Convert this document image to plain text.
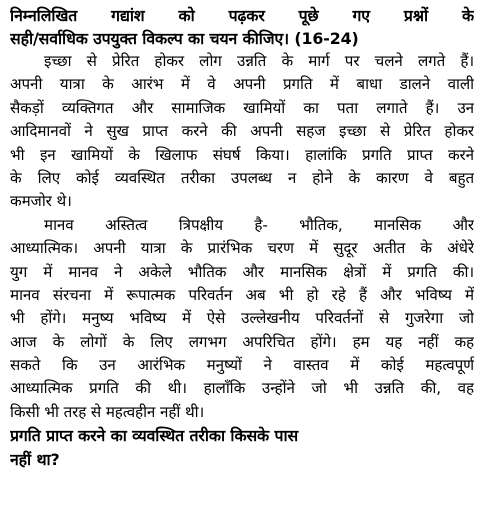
निम्नलिखित गद्यांश को पढ़कर पूछे गए प्रश्नों के
सही/सर्वाधिक उपयुक्त विकल्प का चयन कीजिए। (16-24)
इच्छा से प्रेरित होकर लोग उन्नति के मार्ग पर चलने लगते हैं।
अपनी यात्रा के आरंभ में वे अपनी प्रगति में बाधा डालने वाली
सैकड़ों व्यक्तिगत और सामाजिक खामियों का पता लगाते हैं। उन
आदिमानवों ने सुख प्राप्त करने की अपनी सहज इच्छा से प्रेरित होकर
भी इन खामियों के खिलाफ संघर्ष किया। हालांकि प्रगति प्राप्त करने
के लिए कोई व्यवस्थित तरीका उपलब्ध न होने के कारण वे बहुत
कमजोर थे।
मानव अस्तित्व त्रिपक्षीय है- भौतिक, मानसिक और
आध्यात्मिक। अपनी यात्रा के प्रारंभिक चरण में सुदूर अतीत के अंधेरे
युग में मानव ने अकेले भौतिक और मानसिक क्षेत्रों में प्रगति की।
मानव संरचना में रूपात्मक परिवर्तन अब भी हो रहे हैं और भविष्य में
भी होंगे। मनुष्य भविष्य में ऐसे उल्लेखनीय परिवर्तनों से गुजरेगा जो
आज के लोगों के लिए लगभग अपरिचित होंगे। हम यह नहीं कह
सकते कि उन आरंभिक मनुष्यों ने वास्तव में कोई महत्वपूर्ण
आध्यात्मिक प्रगति की थी। हालाँकि उन्होंने जो भी उन्नति की, वह
किसी भी तरह से महत्वहीन नहीं थी।
प्रगति प्राप्त करने का व्यवस्थित तरीका किसके पास
नहीं था?
